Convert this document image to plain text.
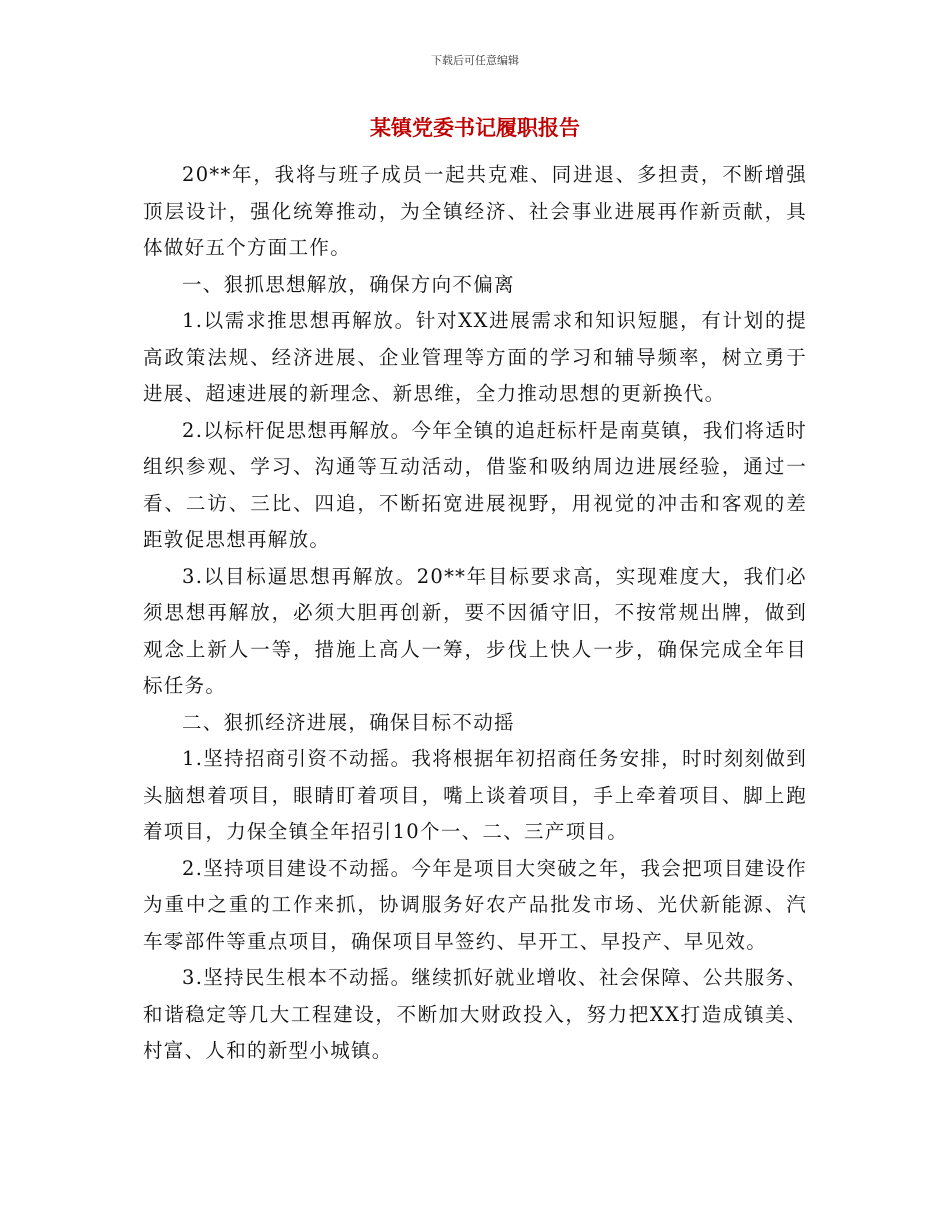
下载后可任意编辑
某镇党委书记履职报告

20**年，我将与班子成员一起共克难、同进退、多担责，不断增强顶层设计，强化统筹推动，为全镇经济、社会事业进展再作新贡献，具体做好五个方面工作。

一、狠抓思想解放，确保方向不偏离

1.以需求推思想再解放。针对XX进展需求和知识短腿，有计划的提高政策法规、经济进展、企业管理等方面的学习和辅导频率，树立勇于进展、超速进展的新理念、新思维，全力推动思想的更新换代。

2.以标杆促思想再解放。今年全镇的追赶标杆是南莫镇，我们将适时组织参观、学习、沟通等互动活动，借鉴和吸纳周边进展经验，通过一看、二访、三比、四追，不断拓宽进展视野，用视觉的冲击和客观的差距敦促思想再解放。

3.以目标逼思想再解放。20**年目标要求高，实现难度大，我们必须思想再解放，必须大胆再创新，要不因循守旧，不按常规出牌，做到观念上新人一等，措施上高人一筹，步伐上快人一步，确保完成全年目标任务。

二、狠抓经济进展，确保目标不动摇

1.坚持招商引资不动摇。我将根据年初招商任务安排，时时刻刻做到头脑想着项目，眼睛盯着项目，嘴上谈着项目，手上牵着项目、脚上跑着项目，力保全镇全年招引10个一、二、三产项目。

2.坚持项目建设不动摇。今年是项目大突破之年，我会把项目建设作为重中之重的工作来抓，协调服务好农产品批发市场、光伏新能源、汽车零部件等重点项目，确保项目早签约、早开工、早投产、早见效。

3.坚持民生根本不动摇。继续抓好就业增收、社会保障、公共服务、和谐稳定等几大工程建设，不断加大财政投入，努力把XX打造成镇美、村富、人和的新型小城镇。
